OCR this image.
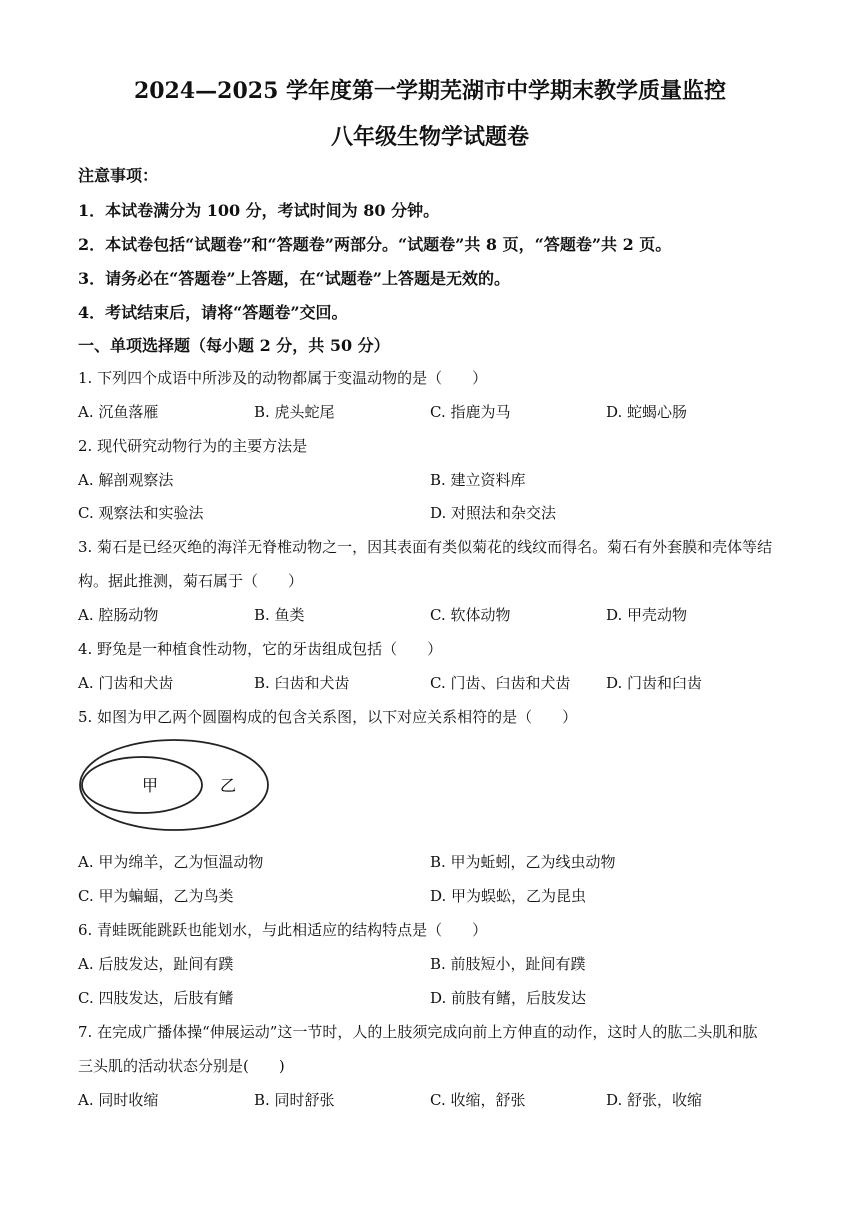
2024—2025 学年度第一学期芜湖市中学期末教学质量监控
八年级生物学试题卷
注意事项：
1．本试卷满分为 100 分，考试时间为 80 分钟。
2．本试卷包括“试题卷”和“答题卷”两部分。“试题卷”共 8 页，“答题卷”共 2 页。
3．请务必在“答题卷”上答题，在“试题卷”上答题是无效的。
4．考试结束后，请将“答题卷”交回。
一、单项选择题（每小题 2 分，共 50 分）
1. 下列四个成语中所涉及的动物都属于变温动物的是（　　）
A. 沉鱼落雁	B. 虎头蛇尾	C. 指鹿为马	D. 蛇蝎心肠
2. 现代研究动物行为的主要方法是
A. 解剖观察法	B. 建立资料库
C. 观察法和实验法	D. 对照法和杂交法
3. 菊石是已经灭绝的海洋无脊椎动物之一，因其表面有类似菊花的线纹而得名。菊石有外套膜和壳体等结
构。据此推测，菊石属于（　　）
A. 腔肠动物	B. 鱼类	C. 软体动物	D. 甲壳动物
4. 野兔是一种植食性动物，它的牙齿组成包括（　　）
A. 门齿和犬齿	B. 臼齿和犬齿	C. 门齿、臼齿和犬齿 D. 门齿和臼齿
5. 如图为甲乙两个圆圈构成的包含关系图，以下对应关系相符的是（　　）
甲	乙
A. 甲为绵羊，乙为恒温动物	B. 甲为蚯蚓，乙为线虫动物
C. 甲为蝙蝠，乙为鸟类	D. 甲为蜈蚣，乙为昆虫
6. 青蛙既能跳跃也能划水，与此相适应的结构特点是（　　）
A. 后肢发达，趾间有蹼	B. 前肢短小，趾间有蹼
C. 四肢发达，后肢有鳍	D. 前肢有鳍，后肢发达
7. 在完成广播体操“伸展运动”这一节时，人的上肢须完成向前上方伸直的动作，这时人的肱二头肌和肱
三头肌的活动状态分别是(　　)
A. 同时收缩	B. 同时舒张	C. 收缩，舒张	D. 舒张，收缩
